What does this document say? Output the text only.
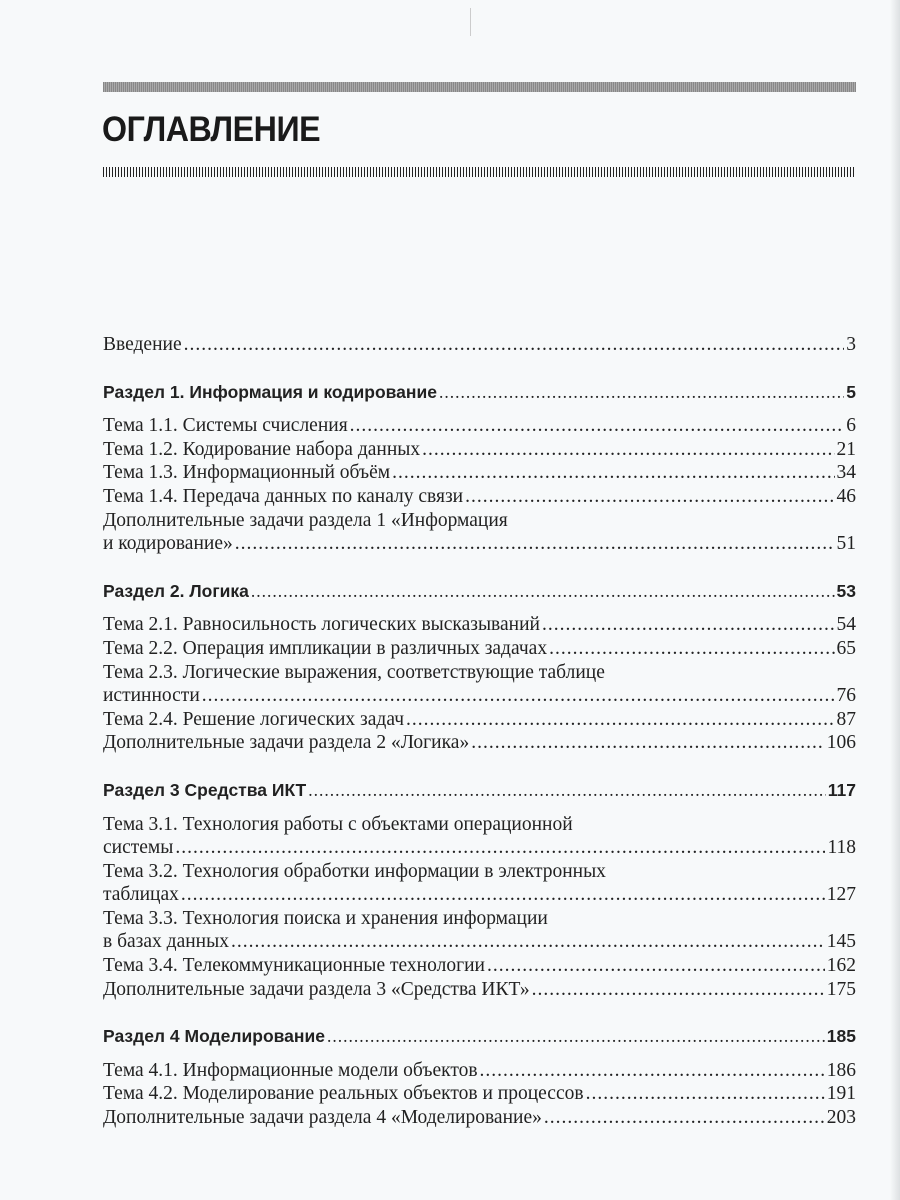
ОГЛАВЛЕНИЕ
Введение .....	3
Раздел 1. Информация и кодирование .....	5
Тема 1.1. Системы счисления .....	6
Тема 1.2. Кодирование набора данных .....	21
Тема 1.3. Информационный объём .....	34
Тема 1.4. Передача данных по каналу связи .....	46
Дополнительные задачи раздела 1 «Информация
и кодирование» .....	51
Раздел 2. Логика .....	53
Тема 2.1. Равносильность логических высказываний .....	54
Тема 2.2. Операция импликации в различных задачах .....	65
Тема 2.3. Логические выражения, соответствующие таблице
истинности .....	76
Тема 2.4. Решение логических задач .....	87
Дополнительные задачи раздела 2 «Логика» .....	106
Раздел 3 Средства ИКТ .....	117
Тема 3.1. Технология работы с объектами операционной
системы .....	118
Тема 3.2. Технология обработки информации в электронных
таблицах .....	127
Тема 3.3. Технология поиска и хранения информации
в базах данных .....	145
Тема 3.4. Телекоммуникационные технологии .....	162
Дополнительные задачи раздела 3 «Средства ИКТ» .....	175
Раздел 4 Моделирование .....	185
Тема 4.1. Информационные модели объектов .....	186
Тема 4.2. Моделирование реальных объектов и процессов .....	191
Дополнительные задачи раздела 4 «Моделирование» .....	203
